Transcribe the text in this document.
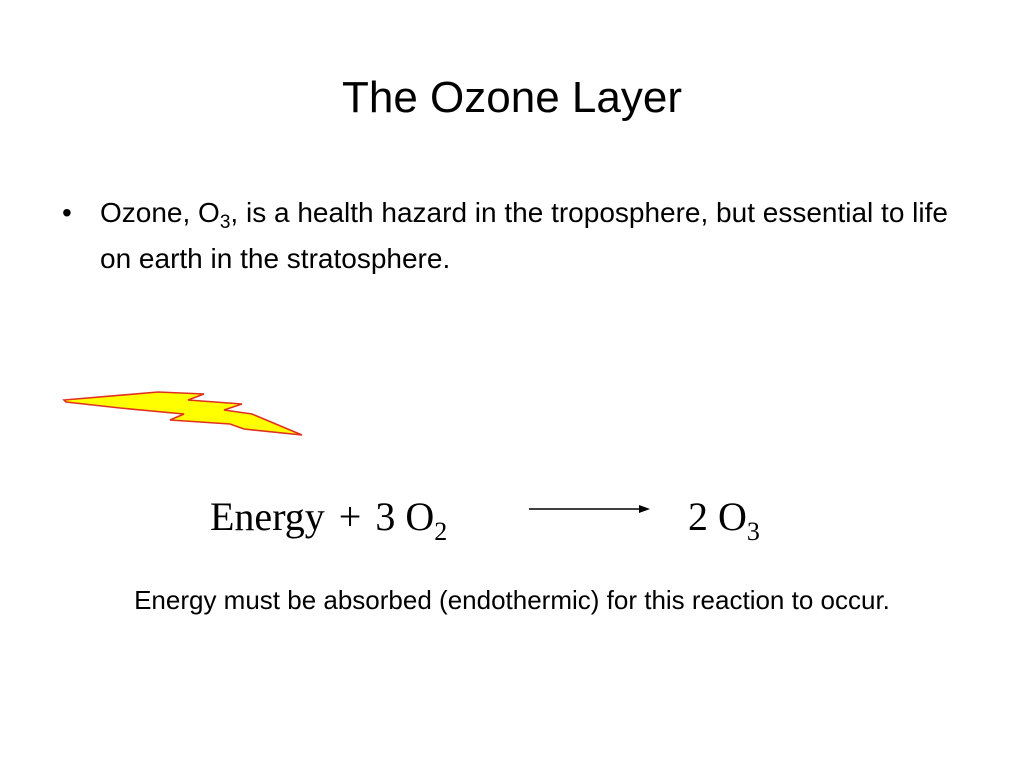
The Ozone Layer
•	Ozone, $O_3$, is a health hazard in the troposphere, but essential to life on earth in the stratosphere.
Energy + 3 $O_2$	2 $O_3$
Energy must be absorbed (endothermic) for this reaction to occur.
